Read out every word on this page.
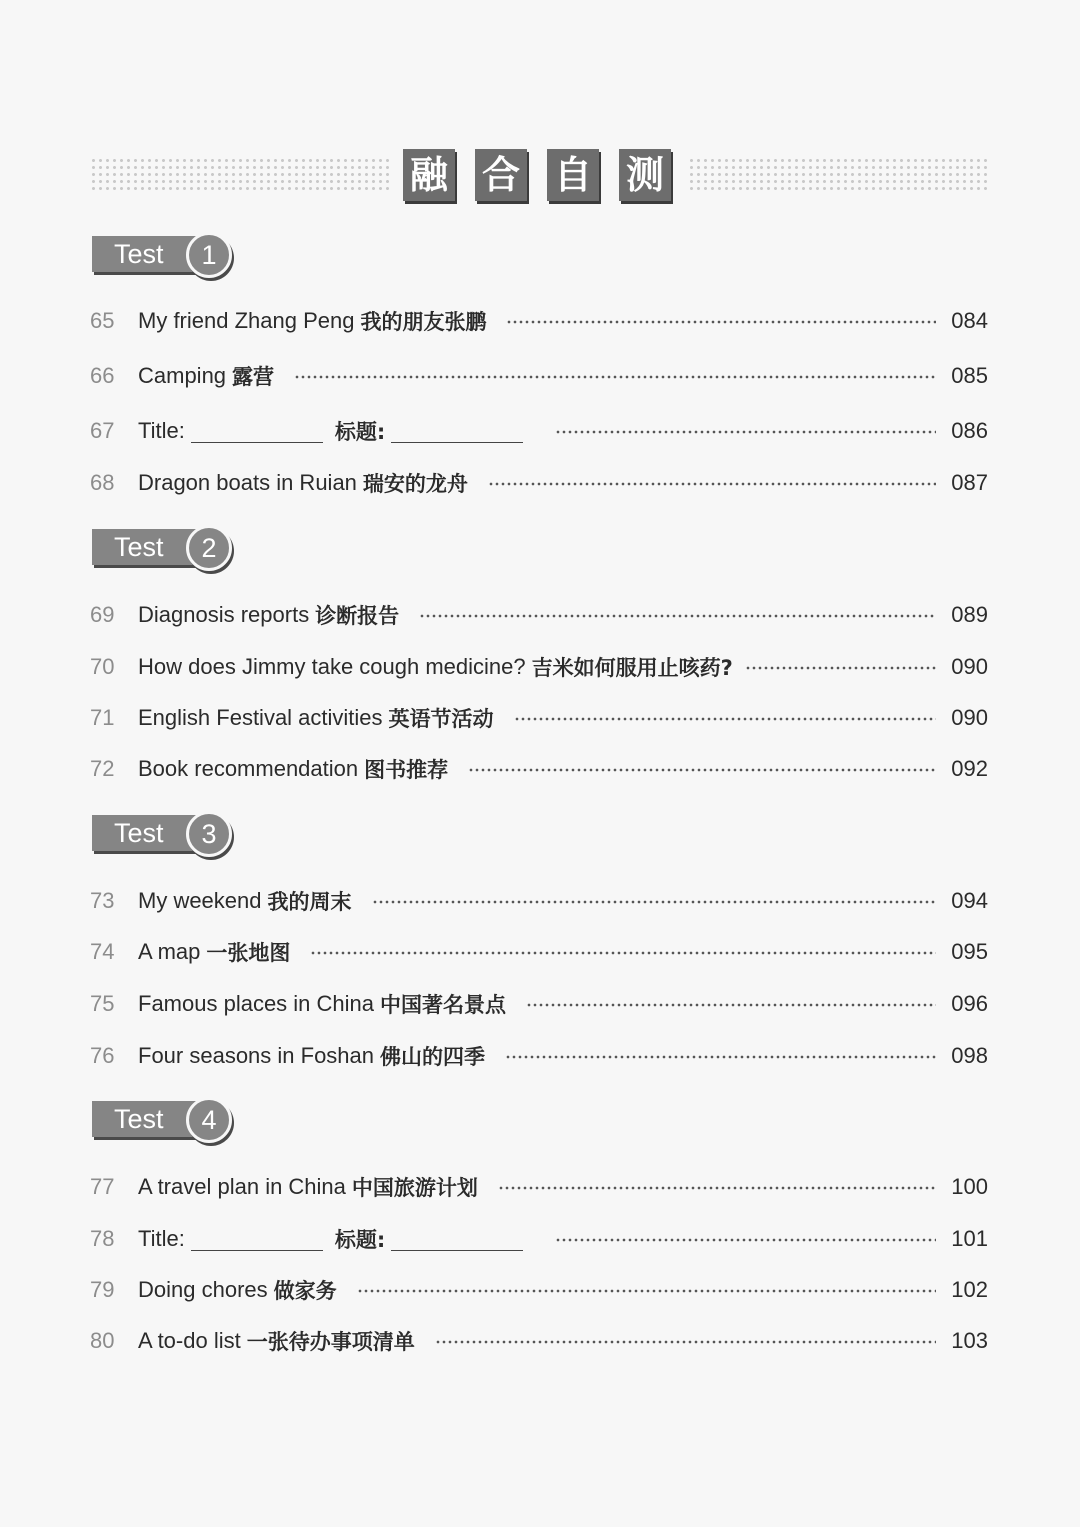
融 合 自 测
Test	1
65	My friend Zhang Peng 我的朋友张鹏	084
66	Camping 露营	085
67	Title:	标题:	086
68	Dragon boats in Ruian 瑞安的龙舟	087
Test	2
69	Diagnosis reports 诊断报告	089
70	How does Jimmy take cough medicine? 吉米如何服用止咳药?	090
71	English Festival activities 英语节活动	090
72	Book recommendation 图书推荐	092
Test	3
73	My weekend 我的周末	094
74	A map 一张地图	095
75	Famous places in China 中国著名景点	096
76	Four seasons in Foshan 佛山的四季	098
Test	4
77	A travel plan in China 中国旅游计划	100
78	Title:	标题:	101
79	Doing chores 做家务	102
80	A to-do list 一张待办事项清单	103
